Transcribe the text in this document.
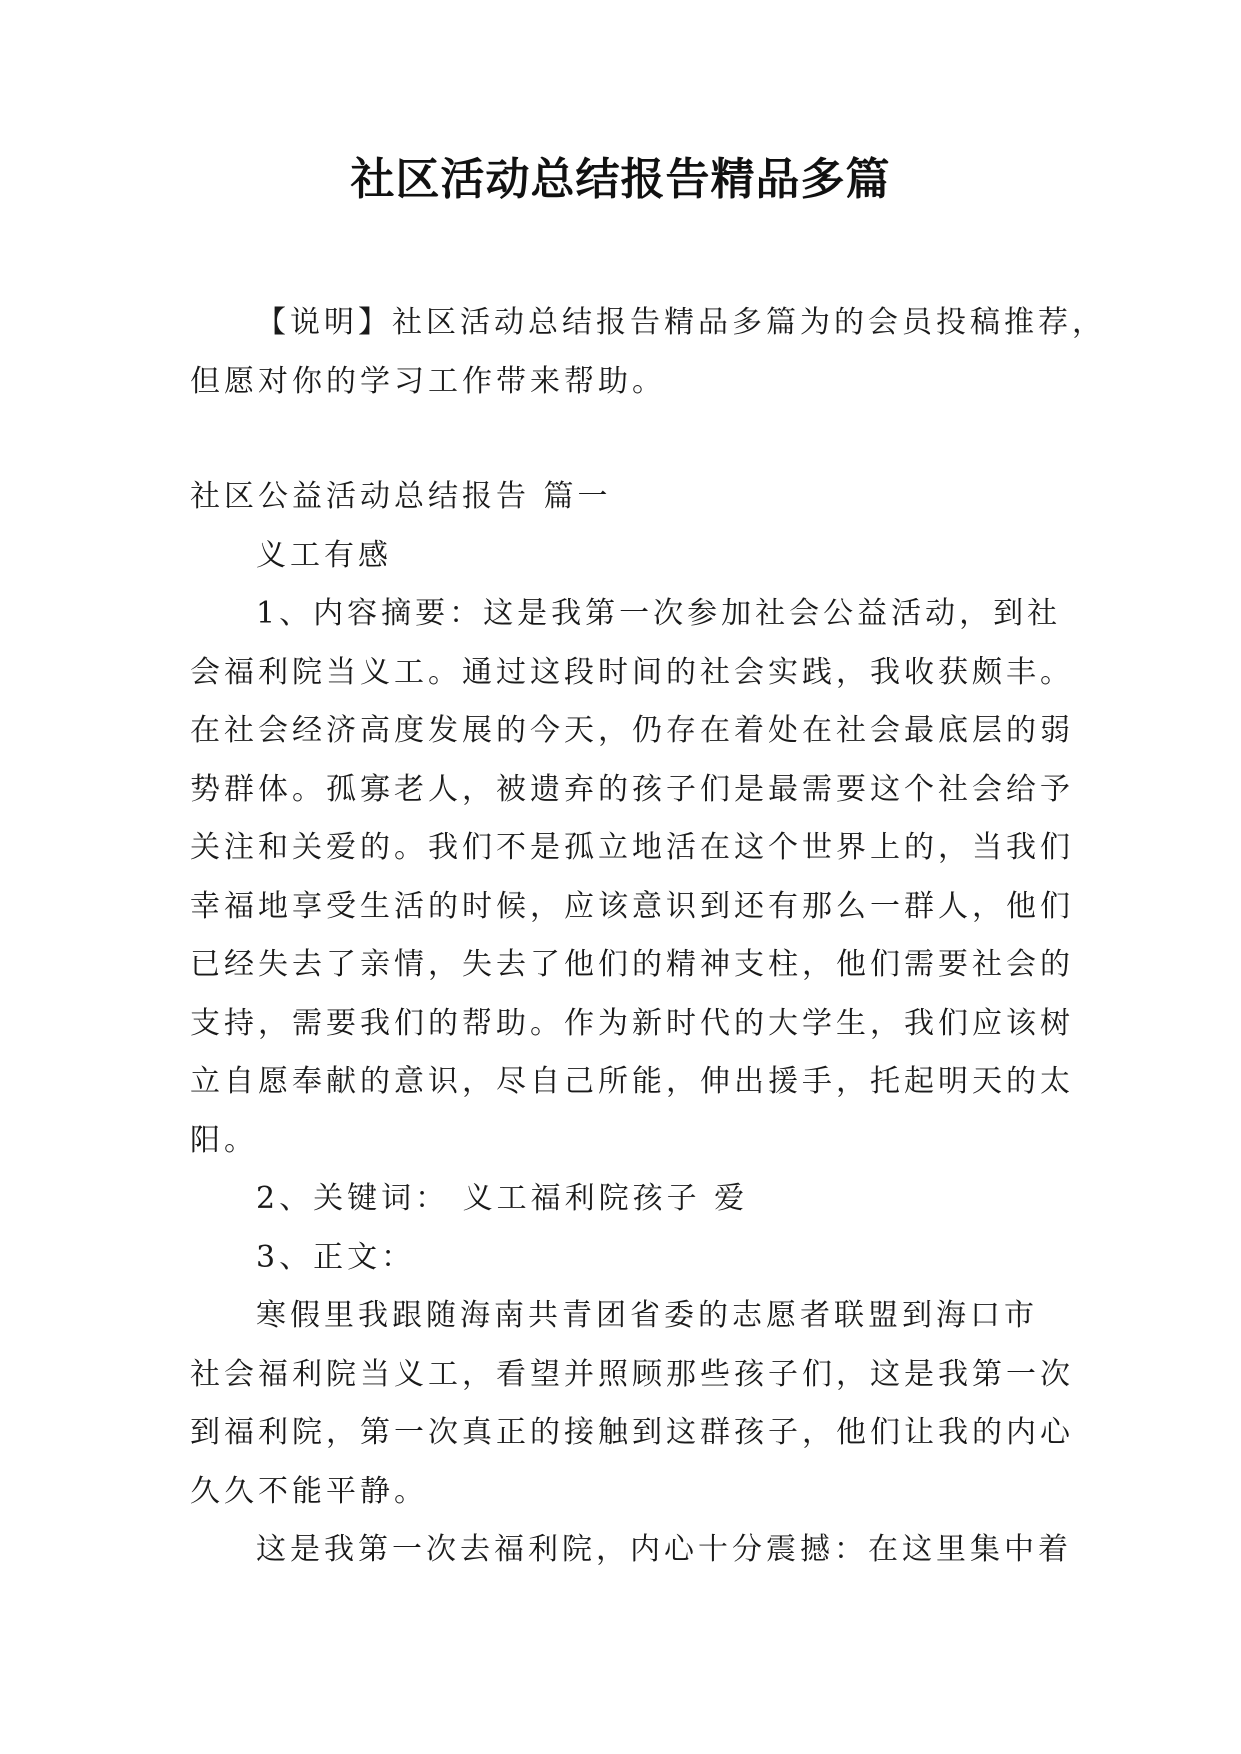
社区活动总结报告精品多篇
【说明】社区活动总结报告精品多篇为的会员投稿推荐，
但愿对你的学习工作带来帮助。
社区公益活动总结报告 篇一
义工有感
1、内容摘要：这是我第一次参加社会公益活动，到社
会福利院当义工。通过这段时间的社会实践，我收获颇丰。
在社会经济高度发展的今天，仍存在着处在社会最底层的弱
势群体。孤寡老人，被遗弃的孩子们是最需要这个社会给予
关注和关爱的。我们不是孤立地活在这个世界上的，当我们
幸福地享受生活的时候，应该意识到还有那么一群人，他们
已经失去了亲情，失去了他们的精神支柱，他们需要社会的
支持，需要我们的帮助。作为新时代的大学生，我们应该树
立自愿奉献的意识，尽自己所能，伸出援手，托起明天的太
阳。
2、关键词： 义工福利院孩子 爱
3、正文：
寒假里我跟随海南共青团省委的志愿者联盟到海口市
社会福利院当义工，看望并照顾那些孩子们，这是我第一次
到福利院，第一次真正的接触到这群孩子，他们让我的内心
久久不能平静。
这是我第一次去福利院，内心十分震撼：在这里集中着
